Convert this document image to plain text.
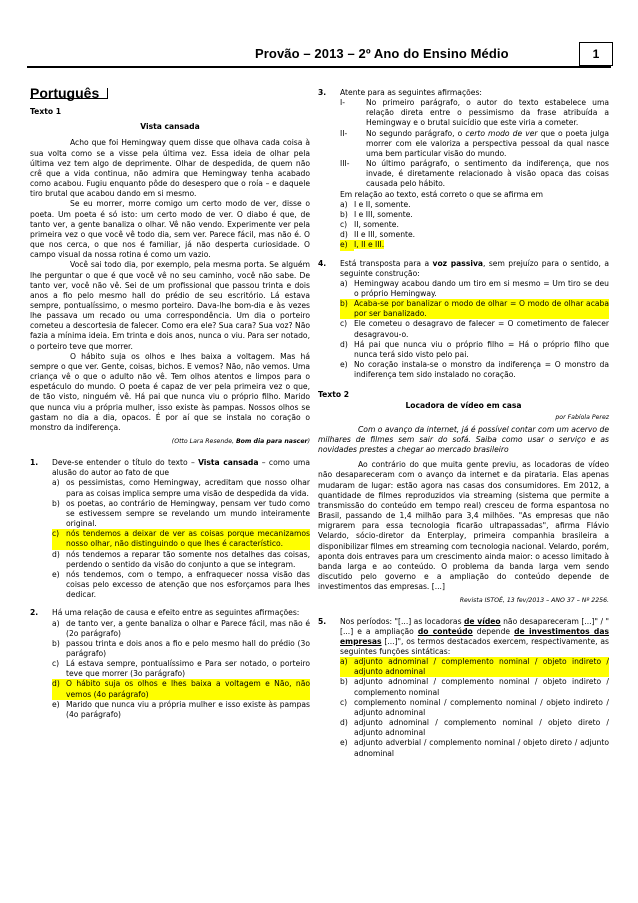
Provão – 2013 – 2º Ano do Ensino Médio	1
Português
Texto 1
Vista cansada

Acho que foi Hemingway quem disse que olhava cada coisa à sua volta como se a visse pela última vez. Essa ideia de olhar pela última vez tem algo de deprimente. Olhar de despedida, de quem não crê que a vida continua, não admira que Hemingway tenha acabado como acabou. Fugiu enquanto pôde do desespero que o roía – e daquele tiro brutal que acabou dando em si mesmo.

Se eu morrer, morre comigo um certo modo de ver, disse o poeta. Um poeta é só isto: um certo modo de ver. O diabo é que, de tanto ver, a gente banaliza o olhar. Vê não vendo. Experimente ver pela primeira vez o que você vê todo dia, sem ver. Parece fácil, mas não é. O que nos cerca, o que nos é familiar, já não desperta curiosidade. O campo visual da nossa rotina é como um vazio.

Você sai todo dia, por exemplo, pela mesma porta. Se alguém lhe perguntar o que é que você vê no seu caminho, você não sabe. De tanto ver, você não vê. Sei de um profissional que passou trinta e dois anos a fio pelo mesmo hall do prédio de seu escritório. Lá estava sempre, pontualíssimo, o mesmo porteiro. Dava-lhe bom-dia e às vezes lhe passava um recado ou uma correspondência. Um dia o porteiro cometeu a descortesia de falecer. Como era ele? Sua cara? Sua voz? Não fazia a mínima ideia. Em trinta e dois anos, nunca o viu. Para ser notado, o porteiro teve que morrer.

O hábito suja os olhos e lhes baixa a voltagem. Mas há sempre o que ver. Gente, coisas, bichos. E vemos? Não, não vemos. Uma criança vê o que o adulto não vê. Tem olhos atentos e limpos para o espetáculo do mundo. O poeta é capaz de ver pela primeira vez o que, de tão visto, ninguém vê. Há pai que nunca viu o próprio filho. Marido que nunca viu a própria mulher, isso existe às pampas. Nossos olhos se gastam no dia a dia, opacos. É por aí que se instala no coração o monstro da indiferença.

(Otto Lara Resende, Bom dia para nascer)
1.	Deve-se entender o título do texto – Vista cansada – como uma alusão do autor ao fato de que

a) os pessimistas, como Hemingway, acreditam que nosso olhar para as coisas implica sempre uma visão de despedida da vida.
b) os poetas, ao contrário de Hemingway, pensam ver tudo como se estivessem sempre se revelando um mundo inteiramente original.
c) nós tendemos a deixar de ver as coisas porque mecanizamos nosso olhar, não distinguindo o que lhes é característico.
d) nós tendemos a reparar tão somente nos detalhes das coisas, perdendo o sentido da visão do conjunto a que se integram.
e) nós tendemos, com o tempo, a enfraquecer nossa visão das coisas pelo excesso de atenção que nos esforçamos para lhes dedicar.
2.	Há uma relação de causa e efeito entre as seguintes afirmações:

a) de tanto ver, a gente banaliza o olhar e Parece fácil, mas não é (2o parágrafo)
b) passou trinta e dois anos a fio e pelo mesmo hall do prédio (3o parágrafo)
c) Lá estava sempre, pontualíssimo e Para ser notado, o porteiro teve que morrer (3o parágrafo)
d) O hábito suja os olhos e lhes baixa a voltagem e Não, não vemos (4o parágrafo)
e) Marido que nunca viu a própria mulher e isso existe às pampas (4o parágrafo)
3.	Atente para as seguintes afirmações:

I-	No primeiro parágrafo, o autor do texto estabelece uma relação direta entre o pessimismo da frase atribuída a Hemingway e o brutal suicídio que este viria a cometer.
II-	No segundo parágrafo, o certo modo de ver que o poeta julga morrer com ele valoriza a perspectiva pessoal da qual nasce uma bem particular visão do mundo.
III-	No último parágrafo, o sentimento da indiferença, que nos invade, é diretamente relacionado à visão opaca das coisas causada pelo hábito.

Em relação ao texto, está correto o que se afirma em

a) I e II, somente.
b) I e III, somente.
c) II, somente.
d) II e III, somente.
e) I, II e III.
4.	Está transposta para a voz passiva, sem prejuízo para o sentido, a seguinte construção:

a) Hemingway acabou dando um tiro em si mesmo = Um tiro se deu o próprio Hemingway.
b) Acaba-se por banalizar o modo de olhar = O modo de olhar acaba por ser banalizado.
c) Ele cometeu o desagravo de falecer = O cometimento de falecer desagravou-o.
d) Há pai que nunca viu o próprio filho = Há o próprio filho que nunca terá sido visto pelo pai.
e) No coração instala-se o monstro da indiferença = O monstro da indiferença tem sido instalado no coração.
Texto 2
Locadora de vídeo em casa
por Fabíola Perez

Com o avanço da internet, já é possível contar com um acervo de milhares de filmes sem sair do sofá. Saiba como usar o serviço e as novidades prestes a chegar ao mercado brasileiro

Ao contrário do que muita gente previu, as locadoras de vídeo não desapareceram com o avanço da internet e da pirataria. Elas apenas mudaram de lugar: estão agora nas casas dos consumidores. Em 2012, a quantidade de filmes reproduzidos via streaming (sistema que permite a transmissão do conteúdo em tempo real) cresceu de forma espantosa no Brasil, passando de 1,4 milhão para 3,4 milhões. "As empresas que não migrarem para essa tecnologia ficarão ultrapassadas", afirma Flávio Velardo, sócio-diretor da Enterplay, primeira companhia brasileira a disponibilizar filmes em streaming com tecnologia nacional. Velardo, porém, aponta dois entraves para um crescimento ainda maior: o acesso limitado à banda larga e ao conteúdo. O problema da banda larga vem sendo discutido pelo governo e a ampliação do conteúdo depende de investimentos das empresas. [...]

Revista ISTOÉ, 13 fev/2013 – ANO 37 – Nº 2256.
5.	Nos períodos: "[...] as locadoras de vídeo não desapareceram [...]" / "[...] e a ampliação do conteúdo depende de investimentos das empresas [...]", os termos destacados exercem, respectivamente, as seguintes funções sintáticas:

a) adjunto adnominal / complemento nominal / objeto indireto / adjunto adnominal
b) adjunto adnominal / complemento nominal / objeto indireto / complemento nominal
c) complemento nominal / complemento nominal / objeto indireto / adjunto adnominal
d) adjunto adnominal / complemento nominal / objeto direto / adjunto adnominal
e) adjunto adverbial / complemento nominal / objeto direto / adjunto adnominal
